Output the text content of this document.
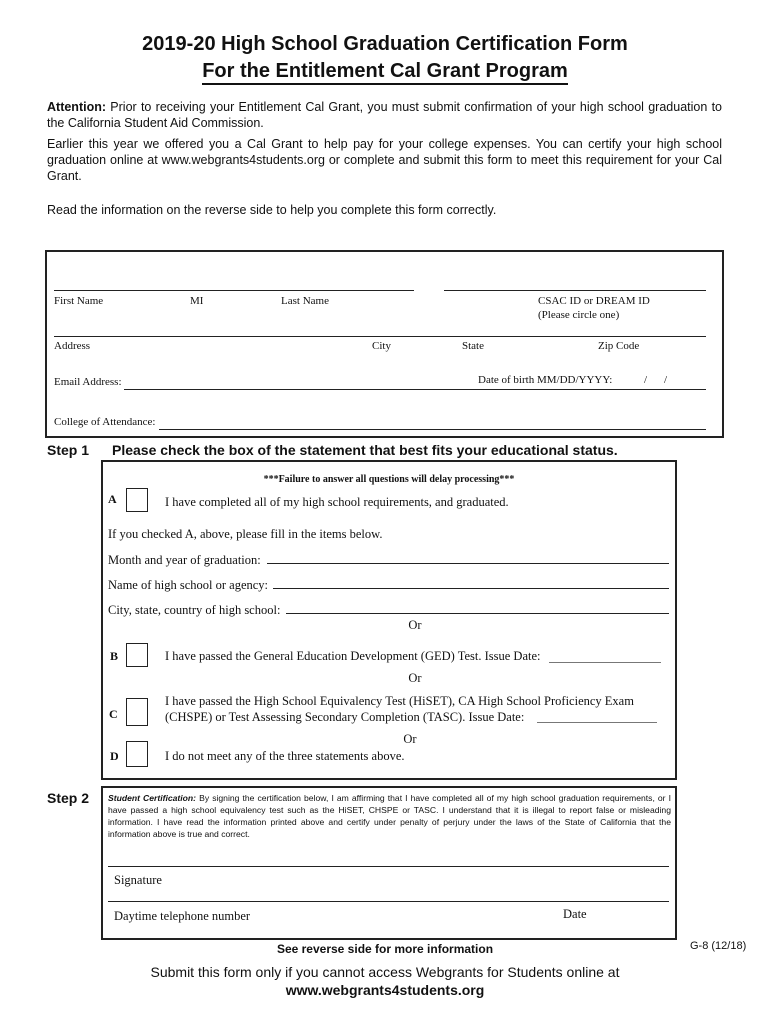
2019-20 High School Graduation Certification Form
For the Entitlement Cal Grant Program
Attention: Prior to receiving your Entitlement Cal Grant, you must submit confirmation of your high school graduation to the California Student Aid Commission.
Earlier this year we offered you a Cal Grant to help pay for your college expenses. You can certify your high school graduation online at www.webgrants4students.org or complete and submit this form to meet this requirement for your Cal Grant.
Read the information on the reverse side to help you complete this form correctly.
First Name	MI	Last Name	CSAC ID or DREAM ID
(Please circle one)
Address	City	State	Zip Code
Email Address:	Date of birth MM/DD/YYYY:	/ /
College of Attendance:
Step 1 Please check the box of the statement that best fits your educational status.
***Failure to answer all questions will delay processing***
A	I have completed all of my high school requirements, and graduated.
If you checked A, above, please fill in the items below.
Month and year of graduation:
Name of high school or agency:
City, state, country of high school:
Or
B	I have passed the General Education Development (GED) Test. Issue Date:
Or
C
I have passed the High School Equivalency Test (HiSET), CA High School Proficiency Exam
(CHSPE) or Test Assessing Secondary Completion (TASC). Issue Date:
Or
D	I do not meet any of the three statements above.
Step 2 Student Certification: By signing the certification below, I am affirming that I have completed all of my high school graduation requirements, or I have passed a high school equivalency test such as the HiSET, CHSPE or TASC. I understand that it is illegal to report false or misleading information. I have read the information printed above and certify under penalty of perjury under the laws of the State of California that the information above is true and correct.
Signature
Daytime telephone number	Date
See reverse side for more information	G-8 (12/18)
Submit this form only if you cannot access Webgrants for Students online at
www.webgrants4students.org
